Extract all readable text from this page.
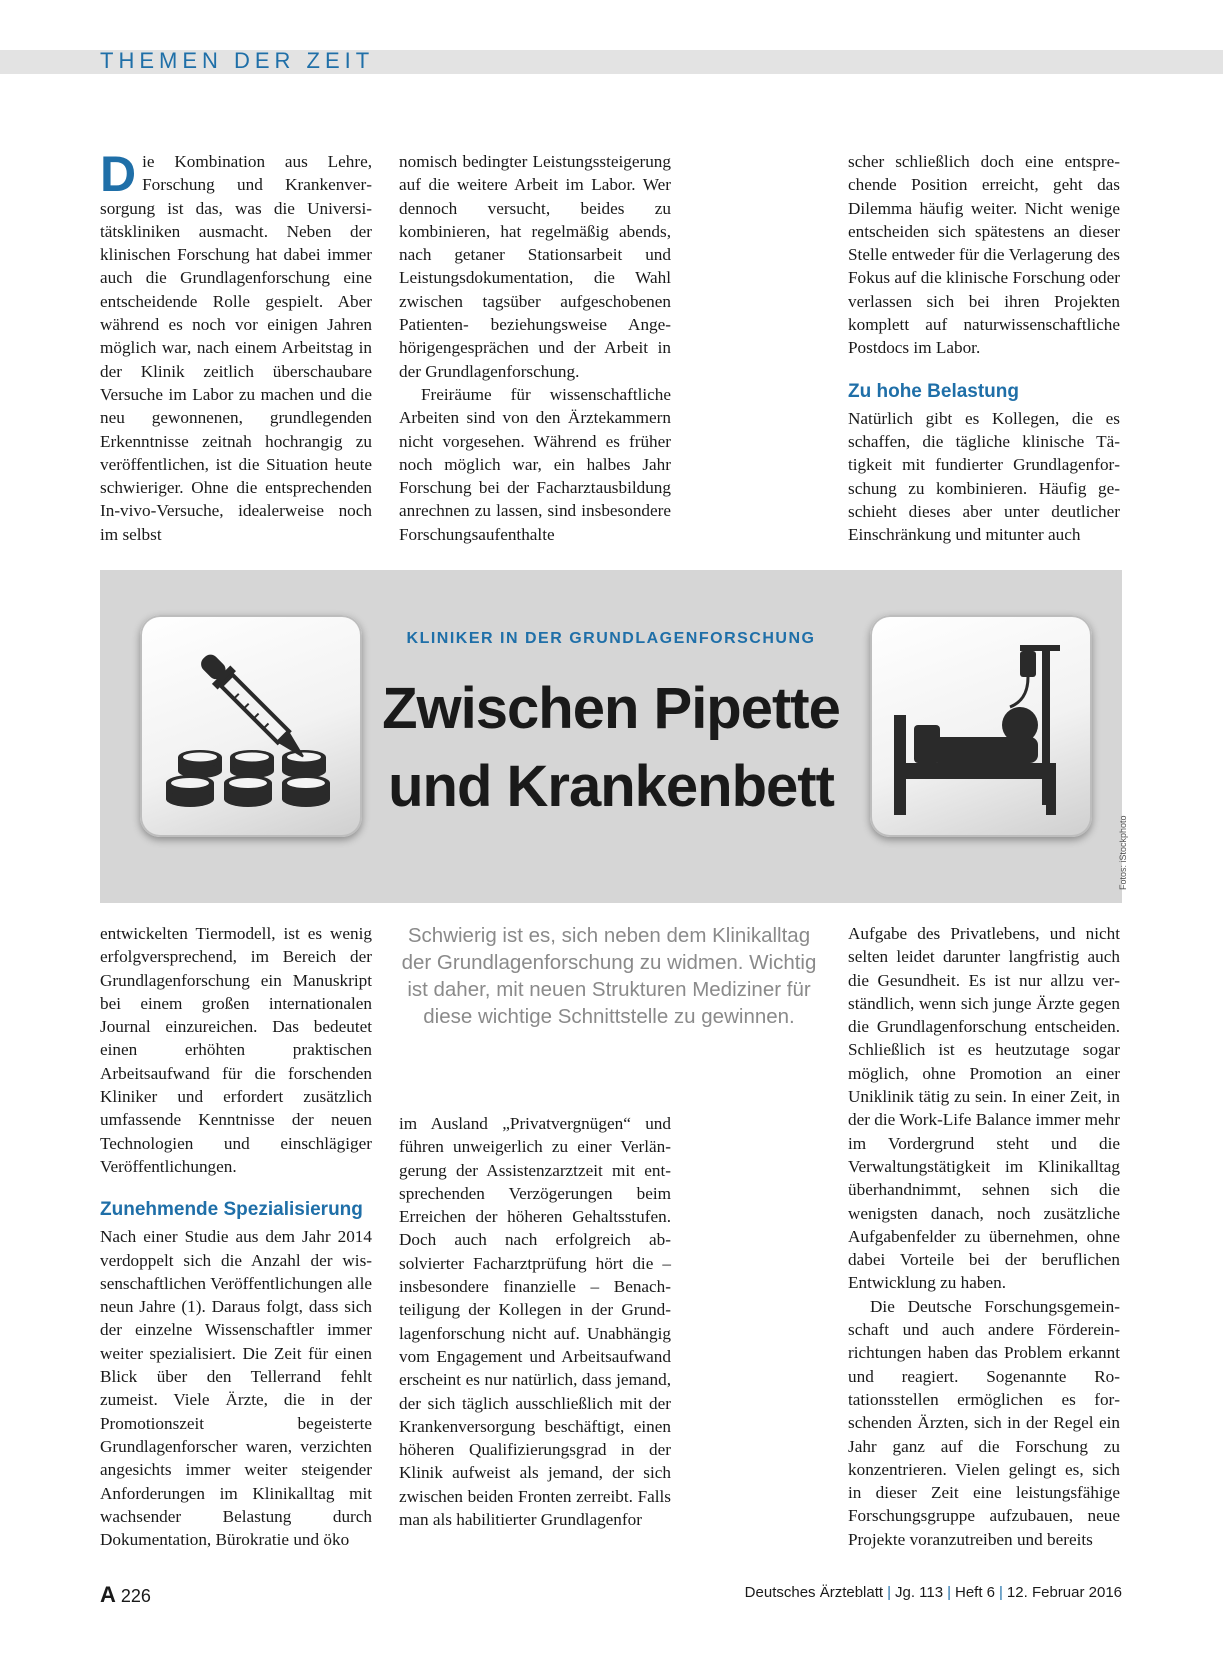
THEMEN DER ZEIT

Die Kombination aus Lehre, Forschung und Krankenversorgung ist das, was die Universitätskliniken ausmacht. Neben der klinischen Forschung hat dabei immer auch die Grundlagenforschung eine entscheidende Rolle gespielt. Aber während es noch vor einigen Jahren möglich war, nach einem Arbeitstag in der Klinik zeitlich überschaubare Versuche im Labor zu machen und die neu gewonnenen, grundlegenden Erkenntnisse zeitnah hochrangig zu veröffentlichen, ist die Situation heute schwieriger. Ohne die entsprechenden In-vivo-Versuche, idealerweise noch im selbst

nomisch bedingter Leistungssteigerung auf die weitere Arbeit im Labor. Wer dennoch versucht, beides zu kombinieren, hat regelmäßig abends, nach getaner Stationsarbeit und Leistungsdokumentation, die Wahl zwischen tagsüber aufgeschobenen Patienten- beziehungsweise Angehörigengesprächen und der Arbeit in der Grundlagenforschung.

Freiräume für wissenschaftliche Arbeiten sind von den Ärztekammern nicht vorgesehen. Während es früher noch möglich war, ein halbes Jahr Forschung bei der Facharztausbildung anrechnen zu lassen, sind insbesondere Forschungsaufenthalte

scher schließlich doch eine entsprechende Position erreicht, geht das Dilemma häufig weiter. Nicht wenige entscheiden sich spätestens an dieser Stelle entweder für die Verlagerung des Fokus auf die klinische Forschung oder verlassen sich bei ihren Projekten komplett auf naturwissenschaftliche Postdocs im Labor.

Zu hohe Belastung

Natürlich gibt es Kollegen, die es schaffen, die tägliche klinische Tätigkeit mit fundierter Grundlagenforschung zu kombinieren. Häufig geschieht dieses aber unter deutlicher Einschränkung und mitunter auch

KLINIKER IN DER GRUNDLAGENFORSCHUNG
Zwischen Pipette
und Krankenbett
Fotos: iStockphoto

entwickelten Tiermodell, ist es wenig erfolgversprechend, im Bereich der Grundlagenforschung ein Manuskript bei einem großen internationalen Journal einzureichen. Das bedeutet einen erhöhten praktischen Arbeitsaufwand für die forschenden Kliniker und erfordert zusätzlich umfassende Kenntnisse der neuen Technologien und einschlägiger Veröffentlichungen.

Zunehmende Spezialisierung

Nach einer Studie aus dem Jahr 2014 verdoppelt sich die Anzahl der wissenschaftlichen Veröffentlichungen alle neun Jahre (1). Daraus folgt, dass sich der einzelne Wissenschaftler immer weiter spezialisiert. Die Zeit für einen Blick über den Tellerrand fehlt zumeist. Viele Ärzte, die in der Promotionszeit begeisterte Grundlagenforscher waren, verzichten angesichts immer weiter steigender Anforderungen im Klinikalltag mit wachsender Belastung durch Dokumentation, Bürokratie und öko

Schwierig ist es, sich neben dem Klinikalltag der Grundlagenforschung zu widmen. Wichtig ist daher, mit neuen Strukturen Mediziner für diese wichtige Schnittstelle zu gewinnen.

im Ausland „Privatvergnügen“ und führen unweigerlich zu einer Verlängerung der Assistenzarztzeit mit entsprechenden Verzögerungen beim Erreichen der höheren Gehaltsstufen. Doch auch nach erfolgreich absolvierter Facharztprüfung hört die – insbesondere finanzielle – Benachteiligung der Kollegen in der Grundlagenforschung nicht auf. Unabhängig vom Engagement und Arbeitsaufwand erscheint es nur natürlich, dass jemand, der sich täglich ausschließlich mit der Krankenversorgung beschäftigt, einen höheren Qualifizierungsgrad in der Klinik aufweist als jemand, der sich zwischen beiden Fronten zerreibt. Falls man als habilitierter Grundlagenfor

Aufgabe des Privatlebens, und nicht selten leidet darunter langfristig auch die Gesundheit. Es ist nur allzu verständlich, wenn sich junge Ärzte gegen die Grundlagenforschung entscheiden. Schließlich ist es heutzutage sogar möglich, ohne Promotion an einer Uniklinik tätig zu sein. In einer Zeit, in der die Work-Life Balance immer mehr im Vordergrund steht und die Verwaltungstätigkeit im Klinikalltag überhandnimmt, sehnen sich die wenigsten danach, noch zusätzliche Aufgabenfelder zu übernehmen, ohne dabei Vorteile bei der beruflichen Entwicklung zu haben.

Die Deutsche Forschungsgemeinschaft und auch andere Fördereinrichtungen haben das Problem erkannt und reagiert. Sogenannte Rotationsstellen ermöglichen es forschenden Ärzten, sich in der Regel ein Jahr ganz auf die Forschung zu konzentrieren. Vielen gelingt es, sich in dieser Zeit eine leistungsfähige Forschungsgruppe aufzubauen, neue Projekte voranzutreiben und bereits

A 226	Deutsches Ärzteblatt | Jg. 113 | Heft 6 | 12. Februar 2016
